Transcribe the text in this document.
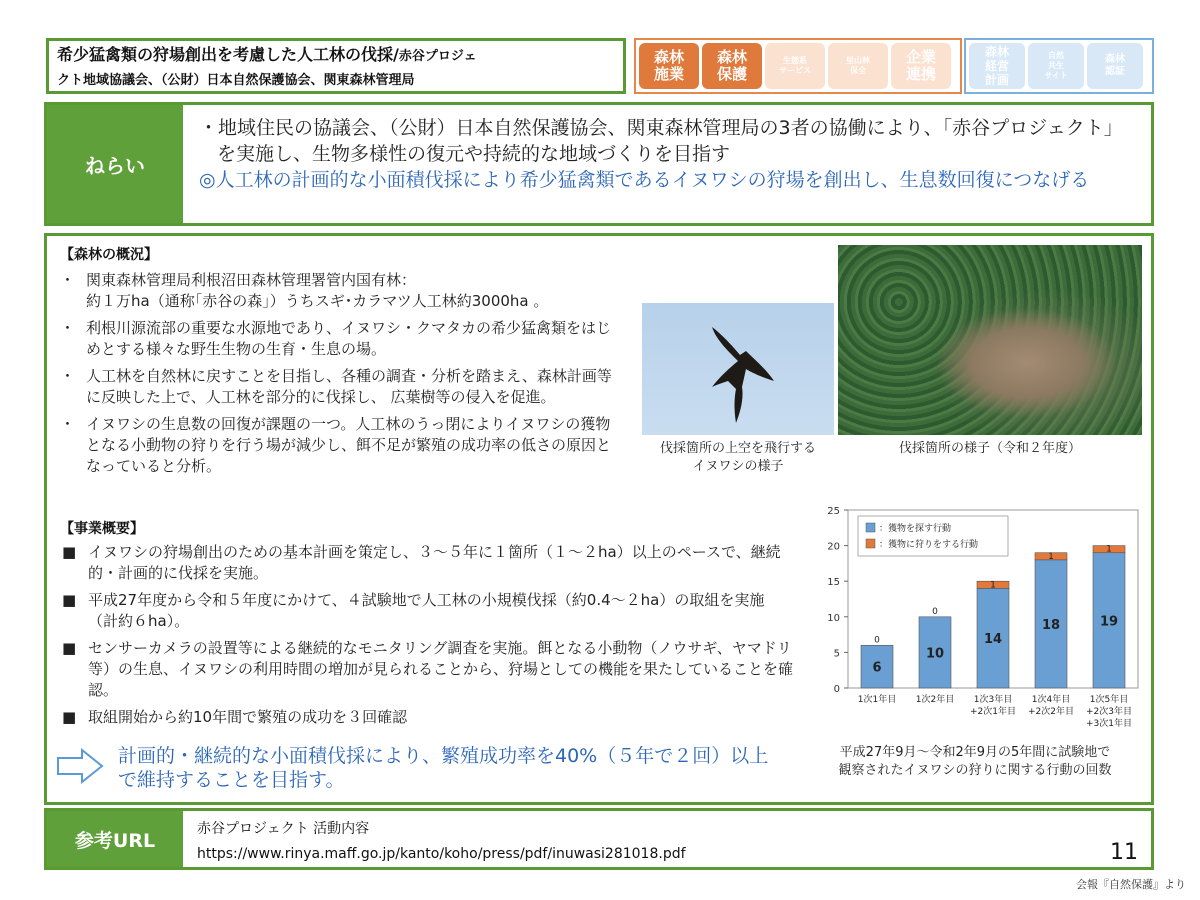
希少猛禽類の狩場創出を考慮した人工林の伐採/赤谷プロジェ
クト地域協議会、（公財）日本自然保護協会、関東森林管理局
森林
施業
森林
保護
生態系
サービス
里山林
保全
企業
連携
森林
経営
計画
自然
共生
サイト
森林
認証
ねらい
・地域住民の協議会、（公財）日本自然保護協会、関東森林管理局の3者の協働により、「赤谷プロジェクト」を実施し、生物多様性の復元や持続的な地域づくりを目指す
◎人工林の計画的な小面積伐採により希少猛禽類であるイヌワシの狩場を創出し、生息数回復につなげる
【森林の概況】
・ 関東森林管理局利根沼田森林管理署管内国有林：
約１万ha（通称｢赤谷の森｣）うちスギ･カラマツ人工林約3000ha 。
・ 利根川源流部の重要な水源地であり、イヌワシ・クマタカの希少猛禽類をはじめとする様々な野生生物の生育・生息の場。
・ 人工林を自然林に戻すことを目指し、各種の調査・分析を踏まえ、森林計画等に反映した上で、人工林を部分的に伐採し、 広葉樹等の侵入を促進。
・ イヌワシの生息数の回復が課題の一つ。人工林のうっ閉によりイヌワシの獲物となる小動物の狩りを行う場が減少し、餌不足が繁殖の成功率の低さの原因となっていると分析。
【事業概要】
■ イヌワシの狩場創出のための基本計画を策定し、３～５年に１箇所（１～２ha）以上のペースで、継続的・計画的に伐採を実施。
■ 平成27年度から令和５年度にかけて、４試験地で人工林の小規模伐採（約0.4～２ha）の取組を実施（計約６ha）。
■ センサーカメラの設置等による継続的なモニタリング調査を実施。餌となる小動物（ノウサギ、ヤマドリ等）の生息、イヌワシの利用時間の増加が見られることから、狩場としての機能を果たしていることを確認。
■ 取組開始から約10年間で繁殖の成功を３回確認
計画的・継続的な小面積伐採により、繁殖成功率を40%（５年で２回）以上で維持することを目指す。
伐採箇所の上空を飛行する
イヌワシの様子
伐採箇所の様子（令和２年度）
0
5
10
15
20
25
6
0
1次1年目
10
0
1次2年目
14
1
1次3年目
+2次1年目
18
1
1次4年目
+2次2年目
19
1
1次5年目
+2次3年目
+3次1年目
：獲物を探す行動
：獲物に狩りをする行動
平成27年9月～令和2年9月の5年間に試験地で
観察されたイヌワシの狩りに関する行動の回数
参考URL
赤谷プロジェクト 活動内容
https://www.rinya.maff.go.jp/kanto/koho/press/pdf/inuwasi281018.pdf	11
会報『自然保護』より
